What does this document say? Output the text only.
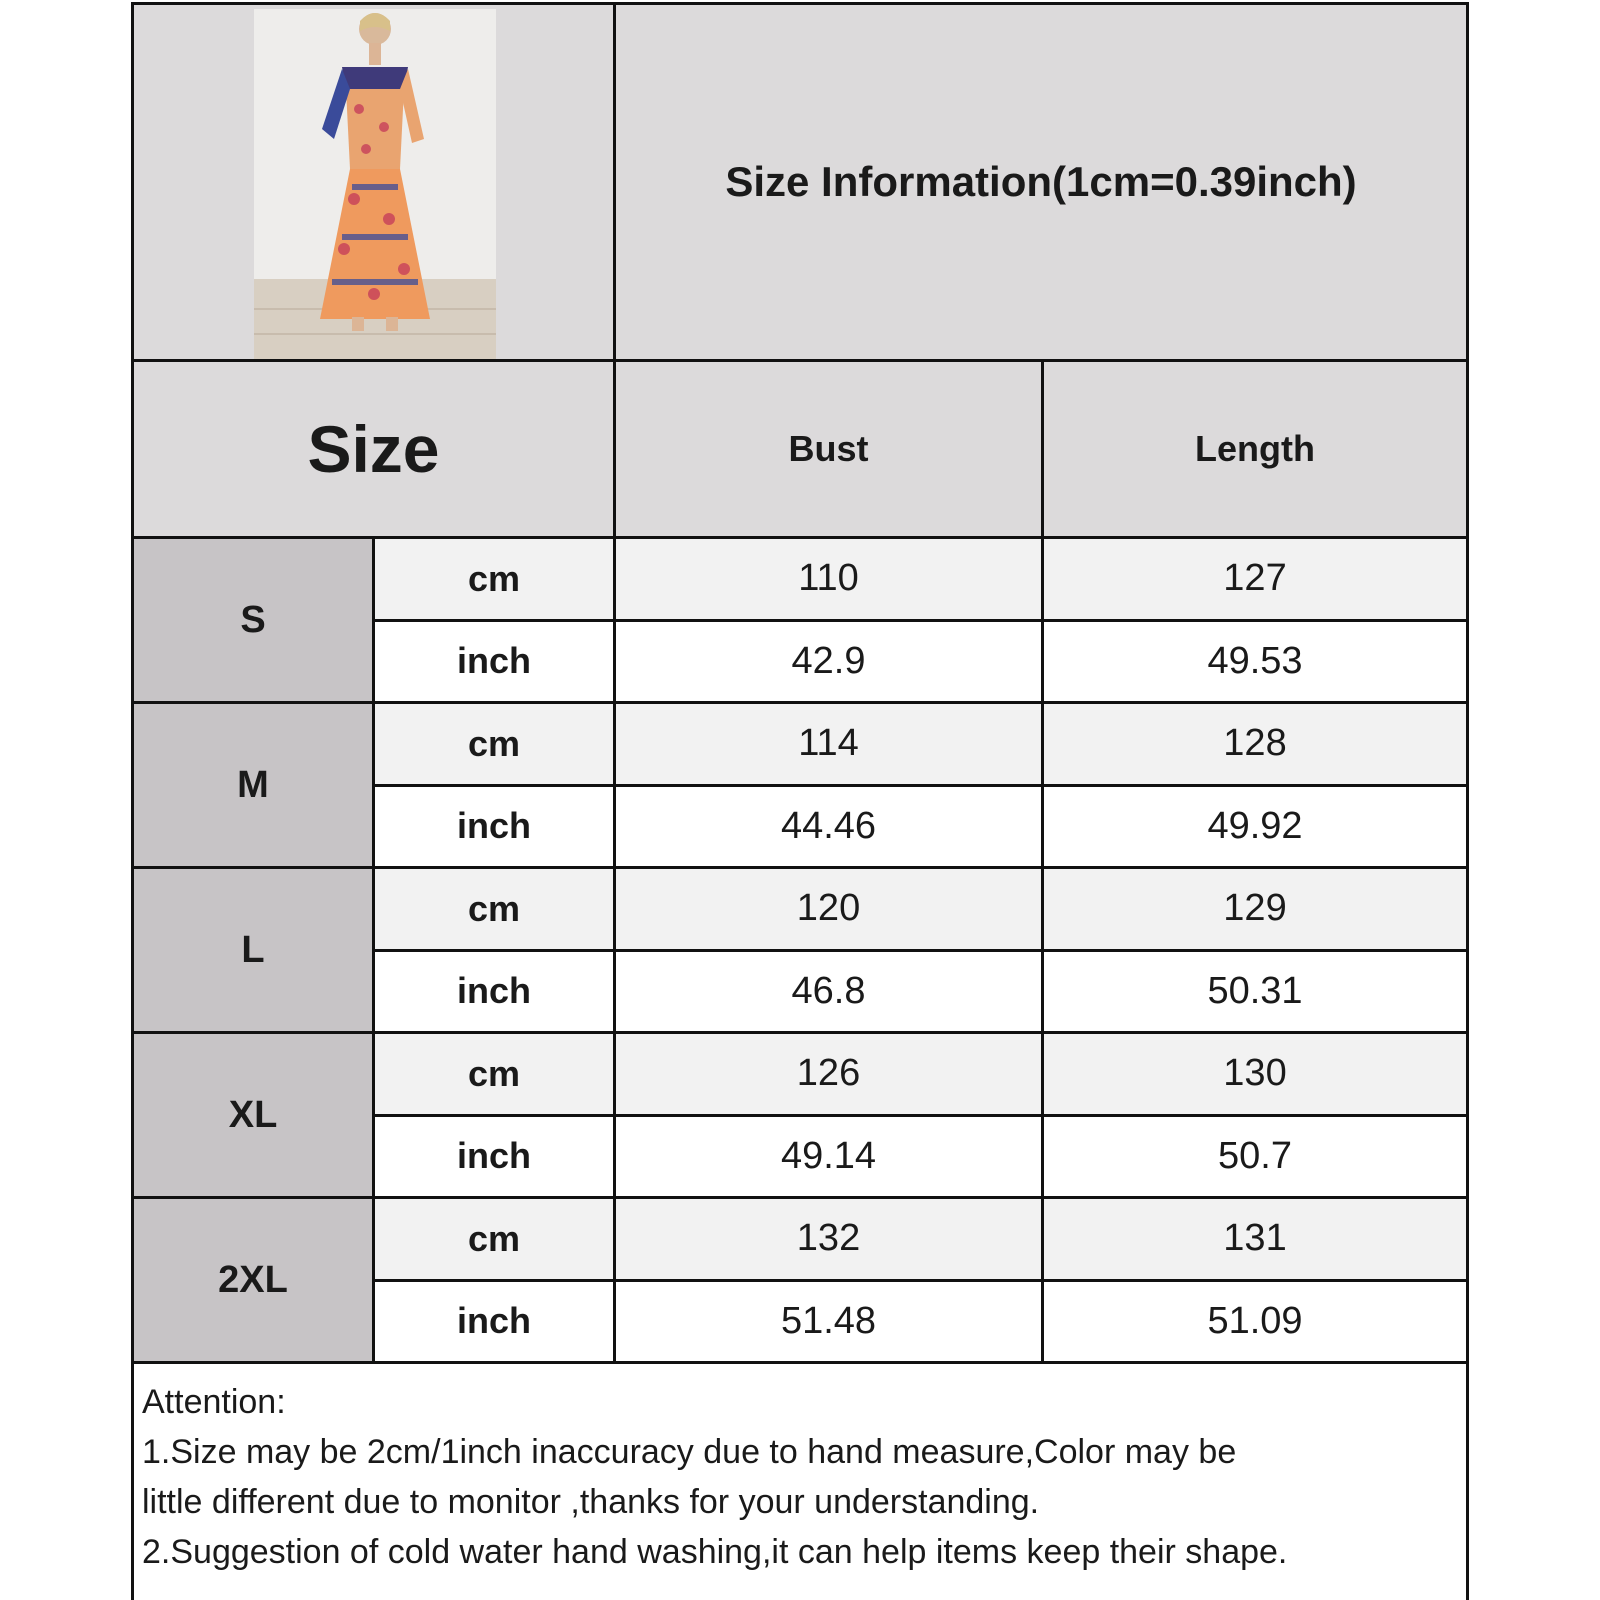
Size Information(1cm=0.39inch)
Size	Bust	Length
S
cm	110	127
inch	42.9	49.53
M
cm	114	128
inch	44.46	49.92
L
cm	120	129
inch	46.8	50.31
XL
cm	126	130
inch	49.14	50.7
2XL
cm	132	131
inch	51.48	51.09
Attention:
1.Size may be 2cm/1inch inaccuracy due to hand measure,Color may be
little different due to monitor ,thanks for your understanding.
2.Suggestion of cold water hand washing,it can help items keep their shape.
